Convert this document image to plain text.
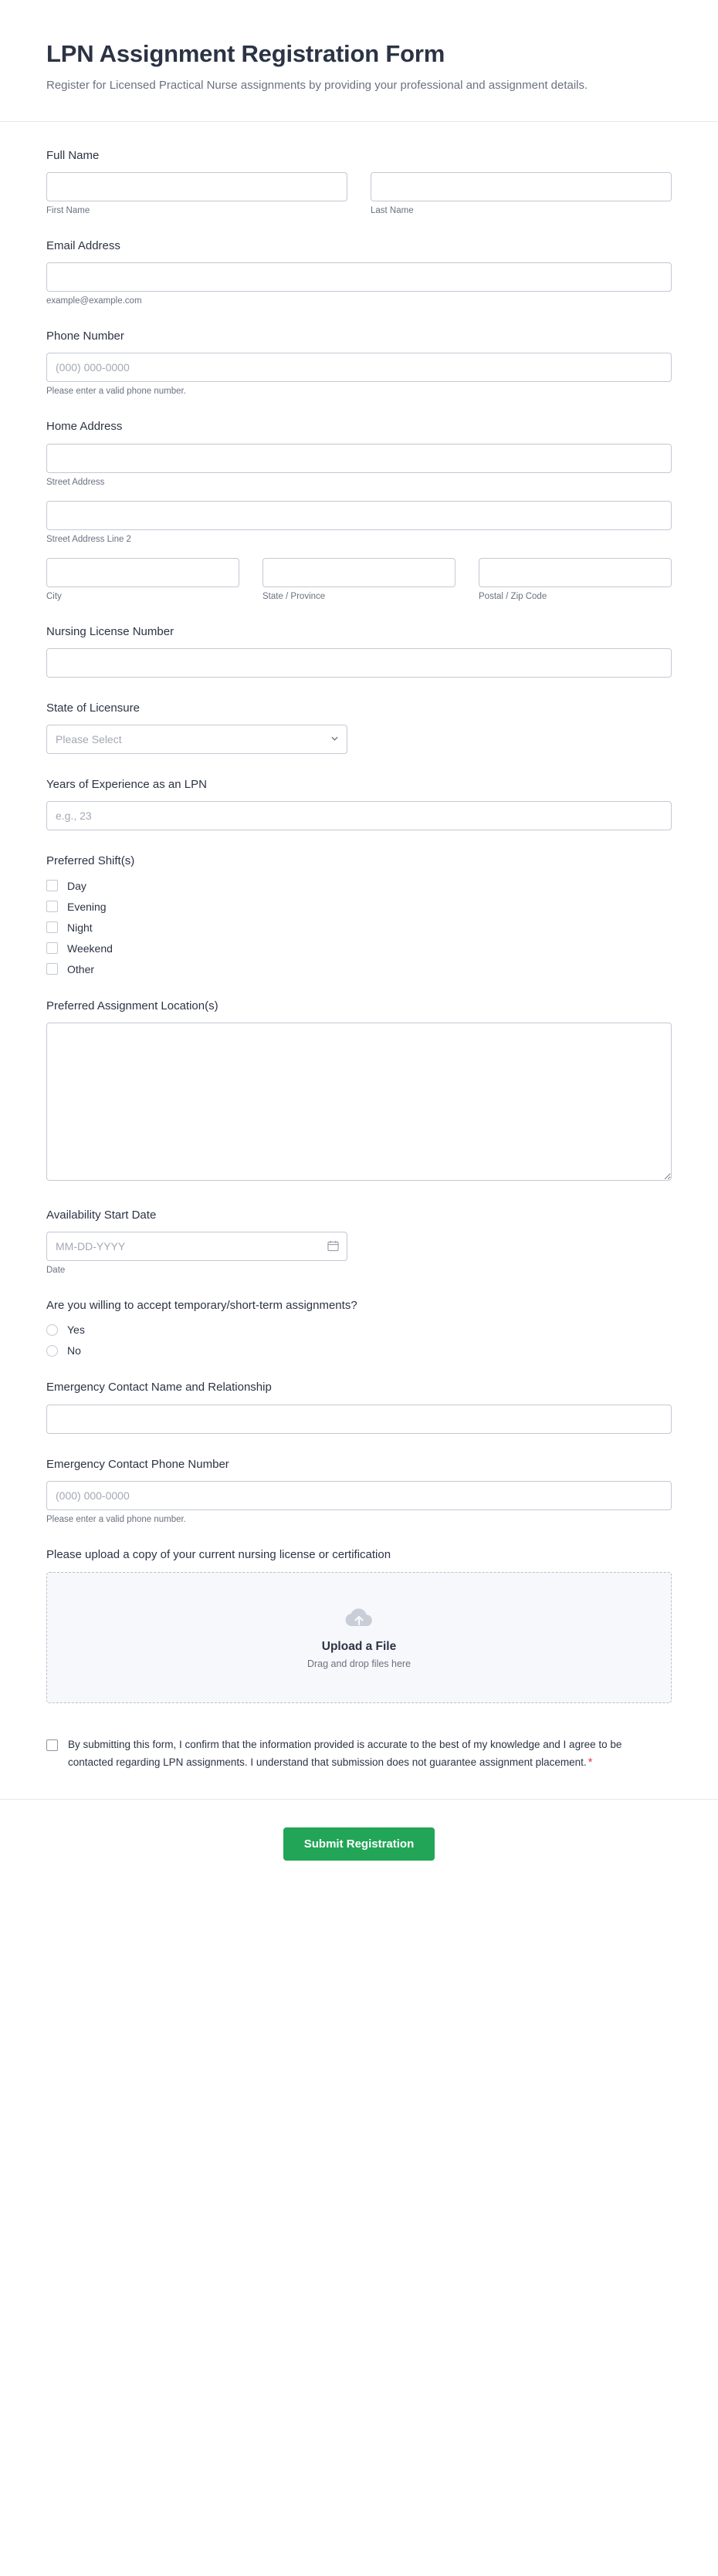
LPN Assignment Registration Form

Register for Licensed Practical Nurse assignments by providing your professional and assignment details.

Full Name
First Name	Last Name
Email Address
example@example.com
Phone Number
(000) 000-0000
Please enter a valid phone number.
Home Address
Street Address
Street Address Line 2
City	State / Province	Postal / Zip Code
Nursing License Number
State of Licensure
Please Select
Years of Experience as an LPN
e.g., 23
Preferred Shift(s)
Day
Evening
Night
Weekend
Other
Preferred Assignment Location(s)
Availability Start Date
MM-DD-YYYY
Date
Are you willing to accept temporary/short-term assignments?
Yes
No
Emergency Contact Name and Relationship
Emergency Contact Phone Number
(000) 000-0000
Please enter a valid phone number.
Please upload a copy of your current nursing license or certification
Upload a File
Drag and drop files here
By submitting this form, I confirm that the information provided is accurate to the best of my knowledge and I agree to be contacted regarding LPN assignments. I understand that submission does not guarantee assignment placement. *
Submit Registration
